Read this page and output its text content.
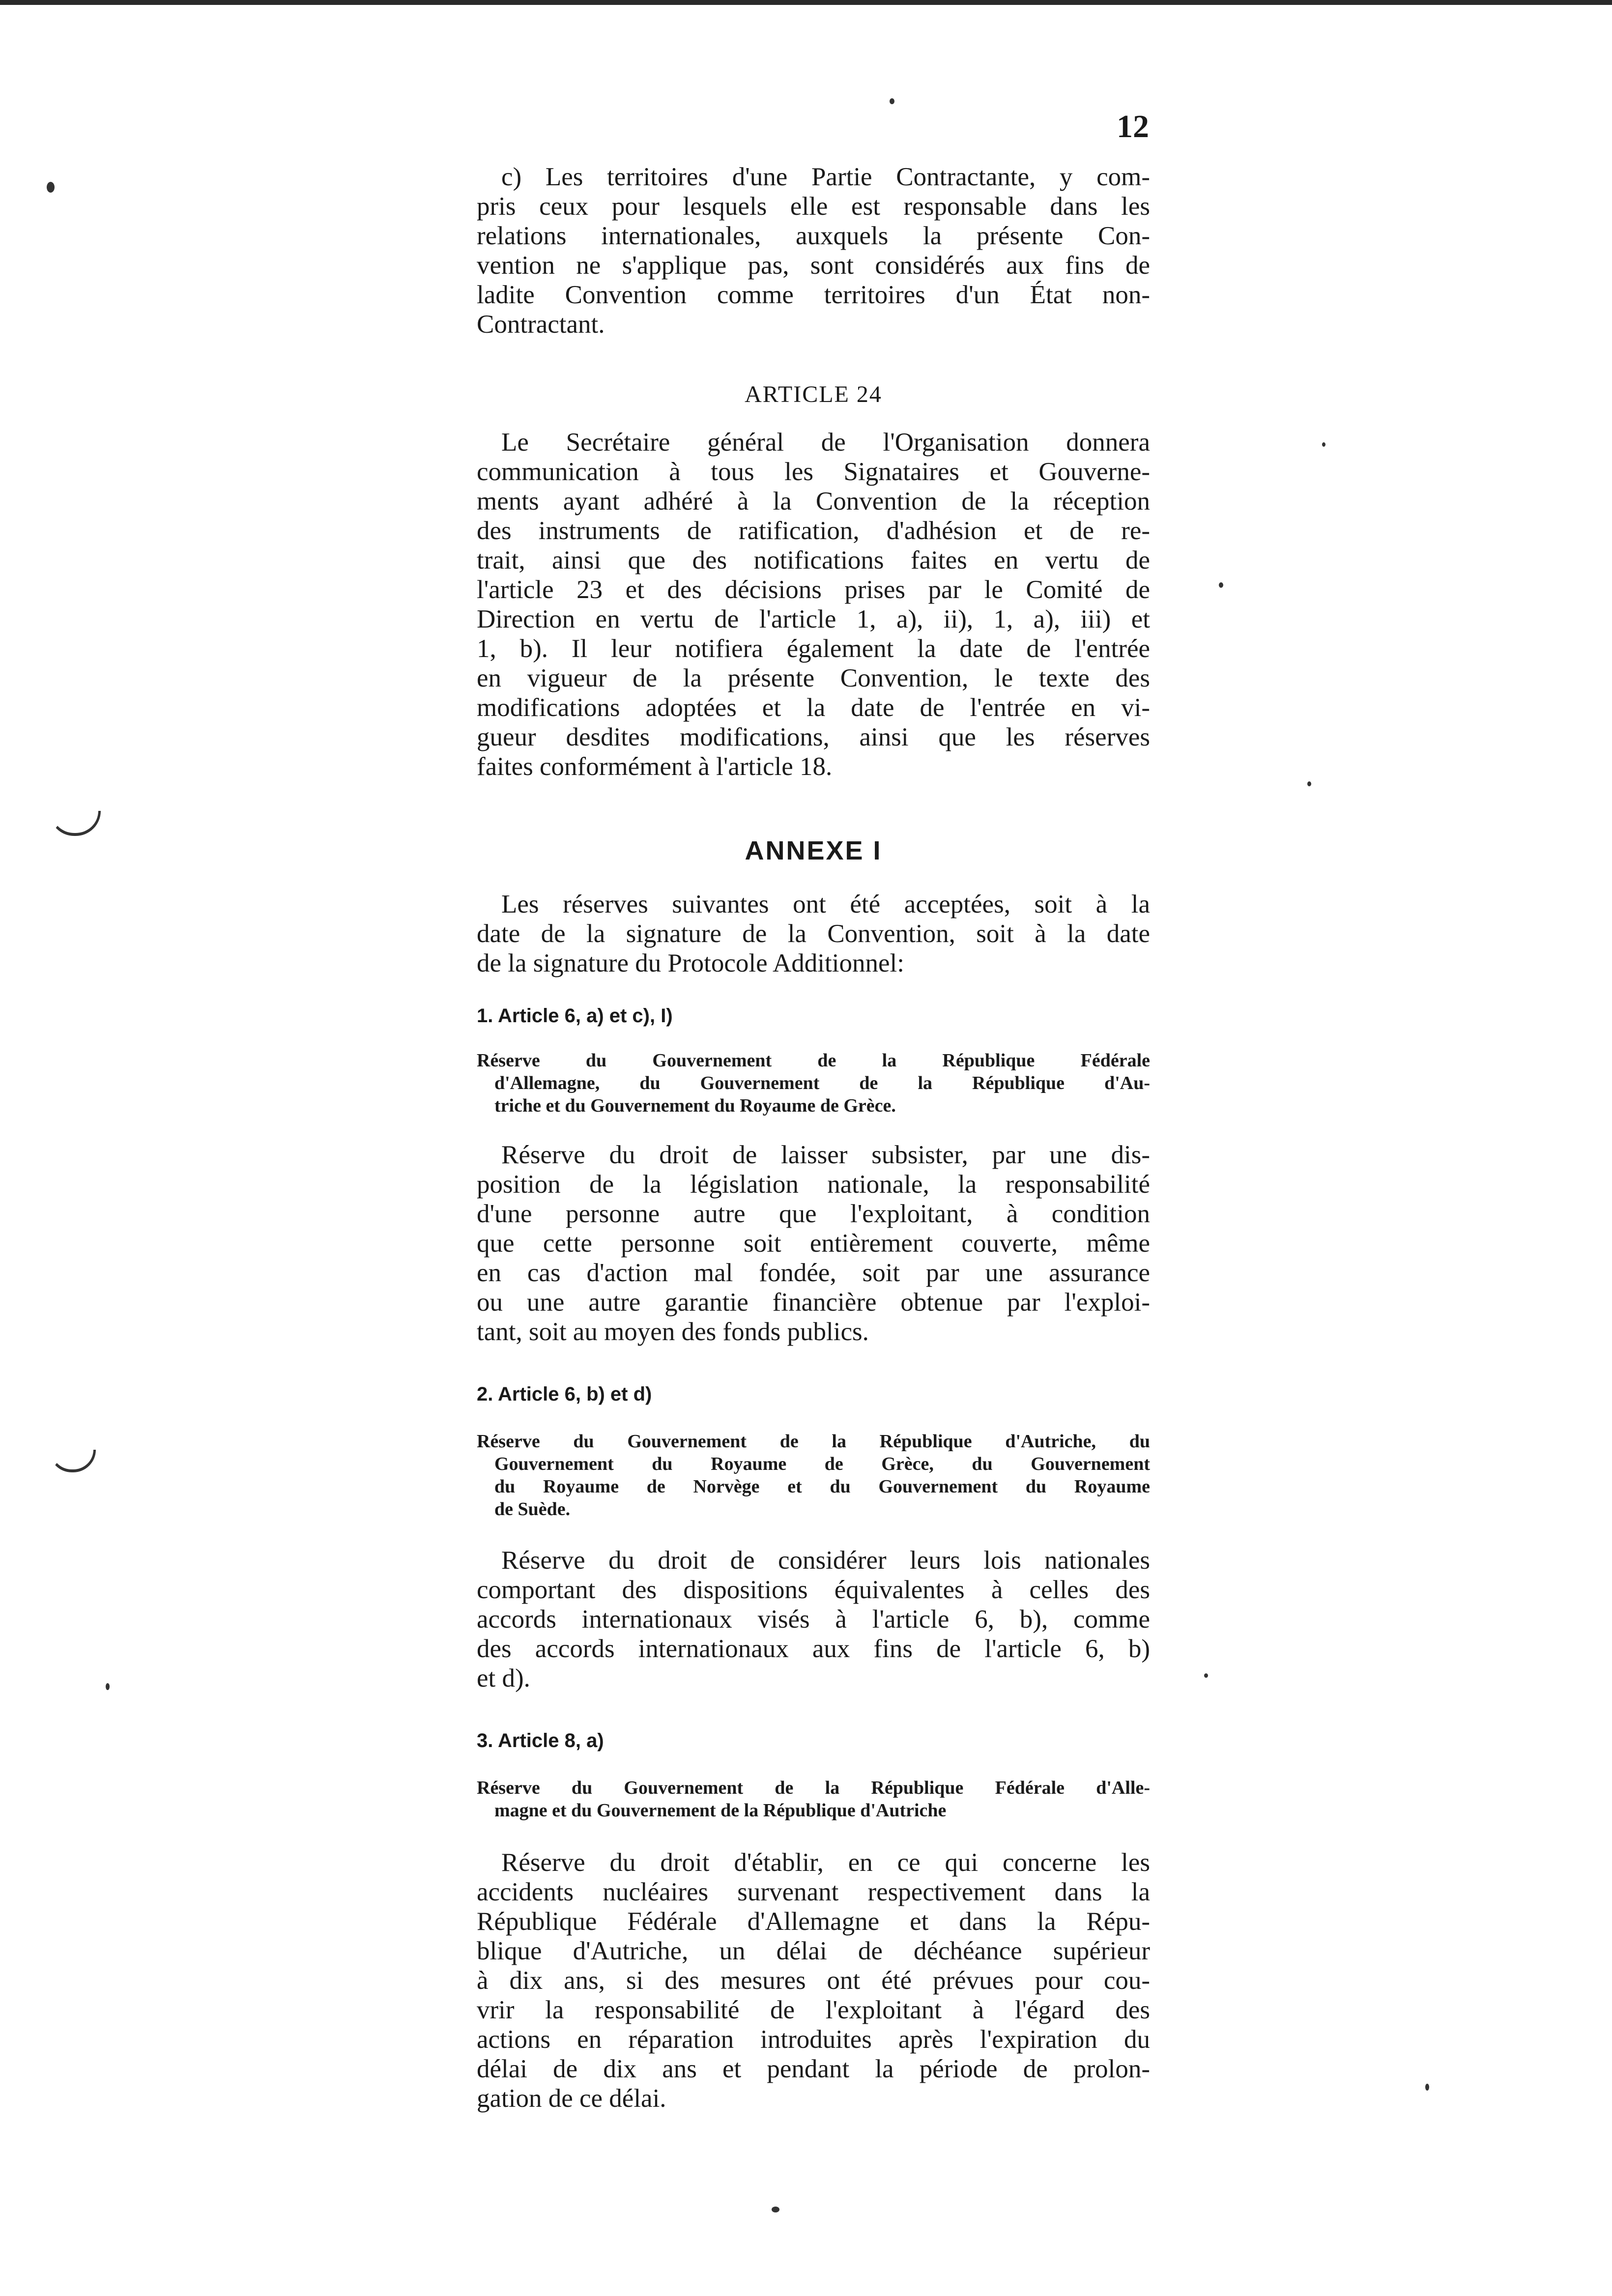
12

c) Les territoires d'une Partie Contractante, y com-
pris ceux pour lesquels elle est responsable dans les
relations internationales, auxquels la présente Con-
vention ne s'applique pas, sont considérés aux fins de
ladite Convention comme territoires d'un État non-
Contractant.

ARTICLE 24

Le Secrétaire général de l'Organisation donnera
communication à tous les Signataires et Gouverne-
ments ayant adhéré à la Convention de la réception
des instruments de ratification, d'adhésion et de re-
trait, ainsi que des notifications faites en vertu de
l'article 23 et des décisions prises par le Comité de
Direction en vertu de l'article 1, a), ii), 1, a), iii) et
1, b). Il leur notifiera également la date de l'entrée
en vigueur de la présente Convention, le texte des
modifications adoptées et la date de l'entrée en vi-
gueur desdites modifications, ainsi que les réserves
faites conformément à l'article 18.

ANNEXE I

Les réserves suivantes ont été acceptées, soit à la
date de la signature de la Convention, soit à la date
de la signature du Protocole Additionnel:

1. Article 6, a) et c), I)
Réserve du Gouvernement de la République Fédérale
d'Allemagne, du Gouvernement de la République d'Au-
triche et du Gouvernement du Royaume de Grèce.

Réserve du droit de laisser subsister, par une dis-
position de la législation nationale, la responsabilité
d'une personne autre que l'exploitant, à condition
que cette personne soit entièrement couverte, même
en cas d'action mal fondée, soit par une assurance
ou une autre garantie financière obtenue par l'exploi-
tant, soit au moyen des fonds publics.

2. Article 6, b) et d)
Réserve du Gouvernement de la République d'Autriche, du
Gouvernement du Royaume de Grèce, du Gouvernement
du Royaume de Norvège et du Gouvernement du Royaume
de Suède.

Réserve du droit de considérer leurs lois nationales
comportant des dispositions équivalentes à celles des
accords internationaux visés à l'article 6, b), comme
des accords internationaux aux fins de l'article 6, b)
et d).

3. Article 8, a)
Réserve du Gouvernement de la République Fédérale d'Alle-
magne et du Gouvernement de la République d'Autriche

Réserve du droit d'établir, en ce qui concerne les
accidents nucléaires survenant respectivement dans la
République Fédérale d'Allemagne et dans la Répu-
blique d'Autriche, un délai de déchéance supérieur
à dix ans, si des mesures ont été prévues pour cou-
vrir la responsabilité de l'exploitant à l'égard des
actions en réparation introduites après l'expiration du
délai de dix ans et pendant la période de prolon-
gation de ce délai.
